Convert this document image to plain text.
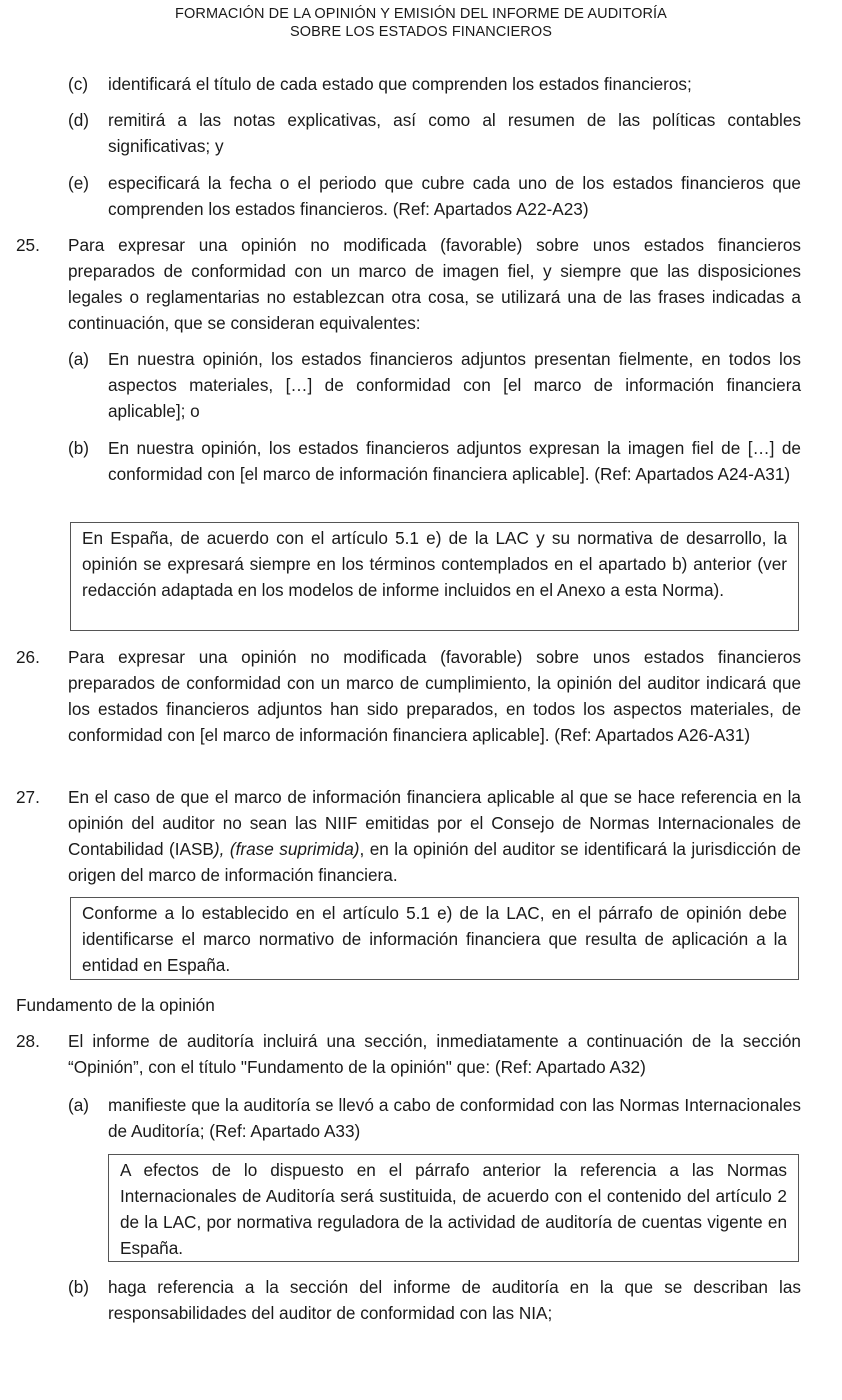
FORMACIÓN DE LA OPINIÓN Y EMISIÓN DEL INFORME DE AUDITORÍA
SOBRE LOS ESTADOS FINANCIEROS
(c) identificará el título de cada estado que comprenden los estados financieros;
(d) remitirá a las notas explicativas, así como al resumen de las políticas contables significativas; y
(e) especificará la fecha o el periodo que cubre cada uno de los estados financieros que comprenden los estados financieros. (Ref: Apartados A22-A23)
25. Para expresar una opinión no modificada (favorable) sobre unos estados financieros preparados de conformidad con un marco de imagen fiel, y siempre que las disposiciones legales o reglamentarias no establezcan otra cosa, se utilizará una de las frases indicadas a continuación, que se consideran equivalentes:
(a) En nuestra opinión, los estados financieros adjuntos presentan fielmente, en todos los aspectos materiales, […] de conformidad con [el marco de información financiera aplicable]; o
(b) En nuestra opinión, los estados financieros adjuntos expresan la imagen fiel de […] de conformidad con [el marco de información financiera aplicable]. (Ref: Apartados A24-A31)
En España, de acuerdo con el artículo 5.1 e) de la LAC y su normativa de desarrollo, la opinión se expresará siempre en los términos contemplados en el apartado b) anterior (ver redacción adaptada en los modelos de informe incluidos en el Anexo a esta Norma).
26. Para expresar una opinión no modificada (favorable) sobre unos estados financieros preparados de conformidad con un marco de cumplimiento, la opinión del auditor indicará que los estados financieros adjuntos han sido preparados, en todos los aspectos materiales, de conformidad con [el marco de información financiera aplicable]. (Ref: Apartados A26-A31)
27. En el caso de que el marco de información financiera aplicable al que se hace referencia en la opinión del auditor no sean las NIIF emitidas por el Consejo de Normas Internacionales de Contabilidad (IASB), (frase suprimida), en la opinión del auditor se identificará la jurisdicción de origen del marco de información financiera.
Conforme a lo establecido en el artículo 5.1 e) de la LAC, en el párrafo de opinión debe identificarse el marco normativo de información financiera que resulta de aplicación a la entidad en España.
Fundamento de la opinión
28. El informe de auditoría incluirá una sección, inmediatamente a continuación de la sección “Opinión”, con el título "Fundamento de la opinión" que: (Ref: Apartado A32)
(a) manifieste que la auditoría se llevó a cabo de conformidad con las Normas Internacionales de Auditoría; (Ref: Apartado A33)
A efectos de lo dispuesto en el párrafo anterior la referencia a las Normas Internacionales de Auditoría será sustituida, de acuerdo con el contenido del artículo 2 de la LAC, por normativa reguladora de la actividad de auditoría de cuentas vigente en España.
(b) haga referencia a la sección del informe de auditoría en la que se describan las responsabilidades del auditor de conformidad con las NIA;
